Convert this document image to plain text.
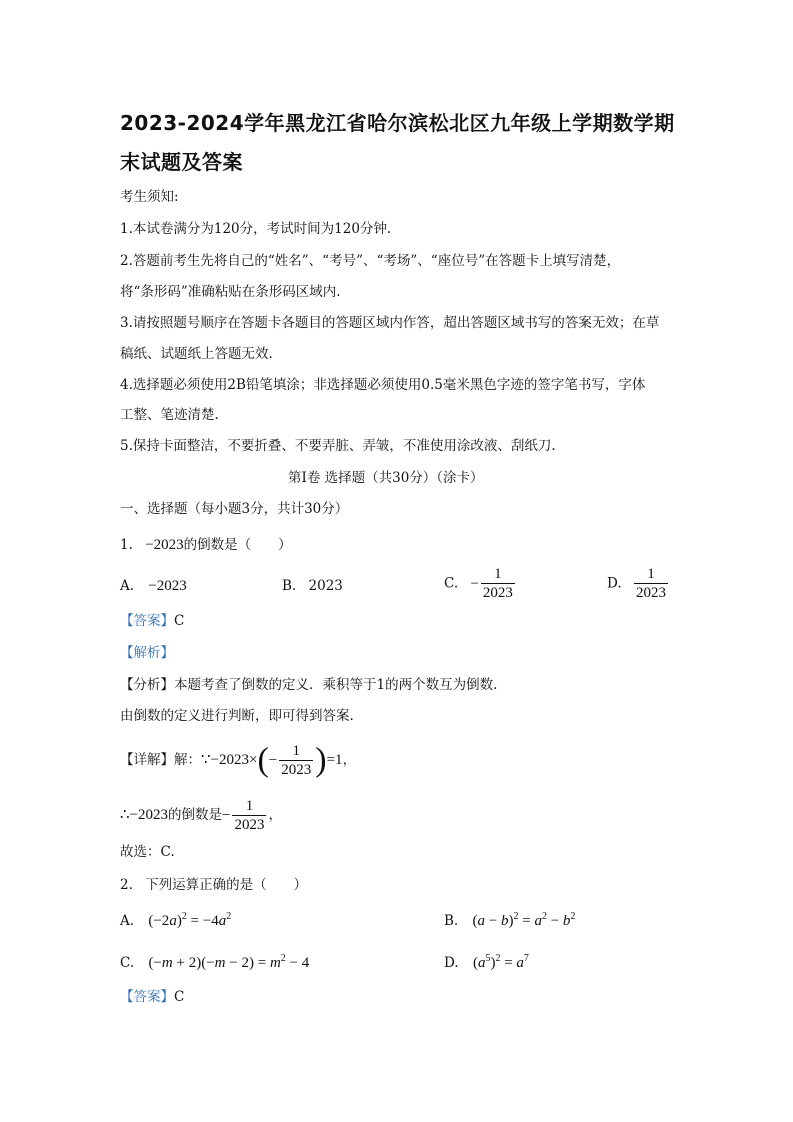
2023-2024学年黑龙江省哈尔滨松北区九年级上学期数学期
末试题及答案
考生须知:
1.本试卷满分为120分，考试时间为120分钟.
2.答题前考生先将自己的“姓名”、“考号”、“考场”、“座位号”在答题卡上填写清楚，
将“条形码”准确粘贴在条形码区域内.
3.请按照题号顺序在答题卡各题目的答题区域内作答，超出答题区域书写的答案无效；在草
稿纸、试题纸上答题无效.
4.选择题必须使用2B铅笔填涂；非选择题必须使用0.5毫米黑色字迹的签字笔书写，字体
工整、笔迹清楚.
5.保持卡面整洁，不要折叠、不要弄脏、弄皱，不准使用涂改液、刮纸刀.
第Ⅰ卷 选择题（共30分）（涂卡）
一、选择题（每小题3分，共计30分）
1. −2023的倒数是（　　）
A. −2023	B. 2023	C. − $\frac{1}{2023}$	D. $\frac{1}{2023}$
【答案】C
【解析】
【分析】本题考查了倒数的定义．乘积等于1的两个数互为倒数.
由倒数的定义进行判断，即可得到答案.
【详解】解：∵−2023×(− $\frac{1}{2023} )=1$，
∴−2023的倒数是− $\frac{1}{2023}$ ，
故选：C.
2. 下列运算正确的是（　　）
A. $(-2a)^2 = -4a^2$	B. $(a - b)^2 = a^2 - b^2$
C. $(-m + 2)(-m - 2) = m^2 - 4$	D. $(a^5)^2 = a^7$
【答案】C
